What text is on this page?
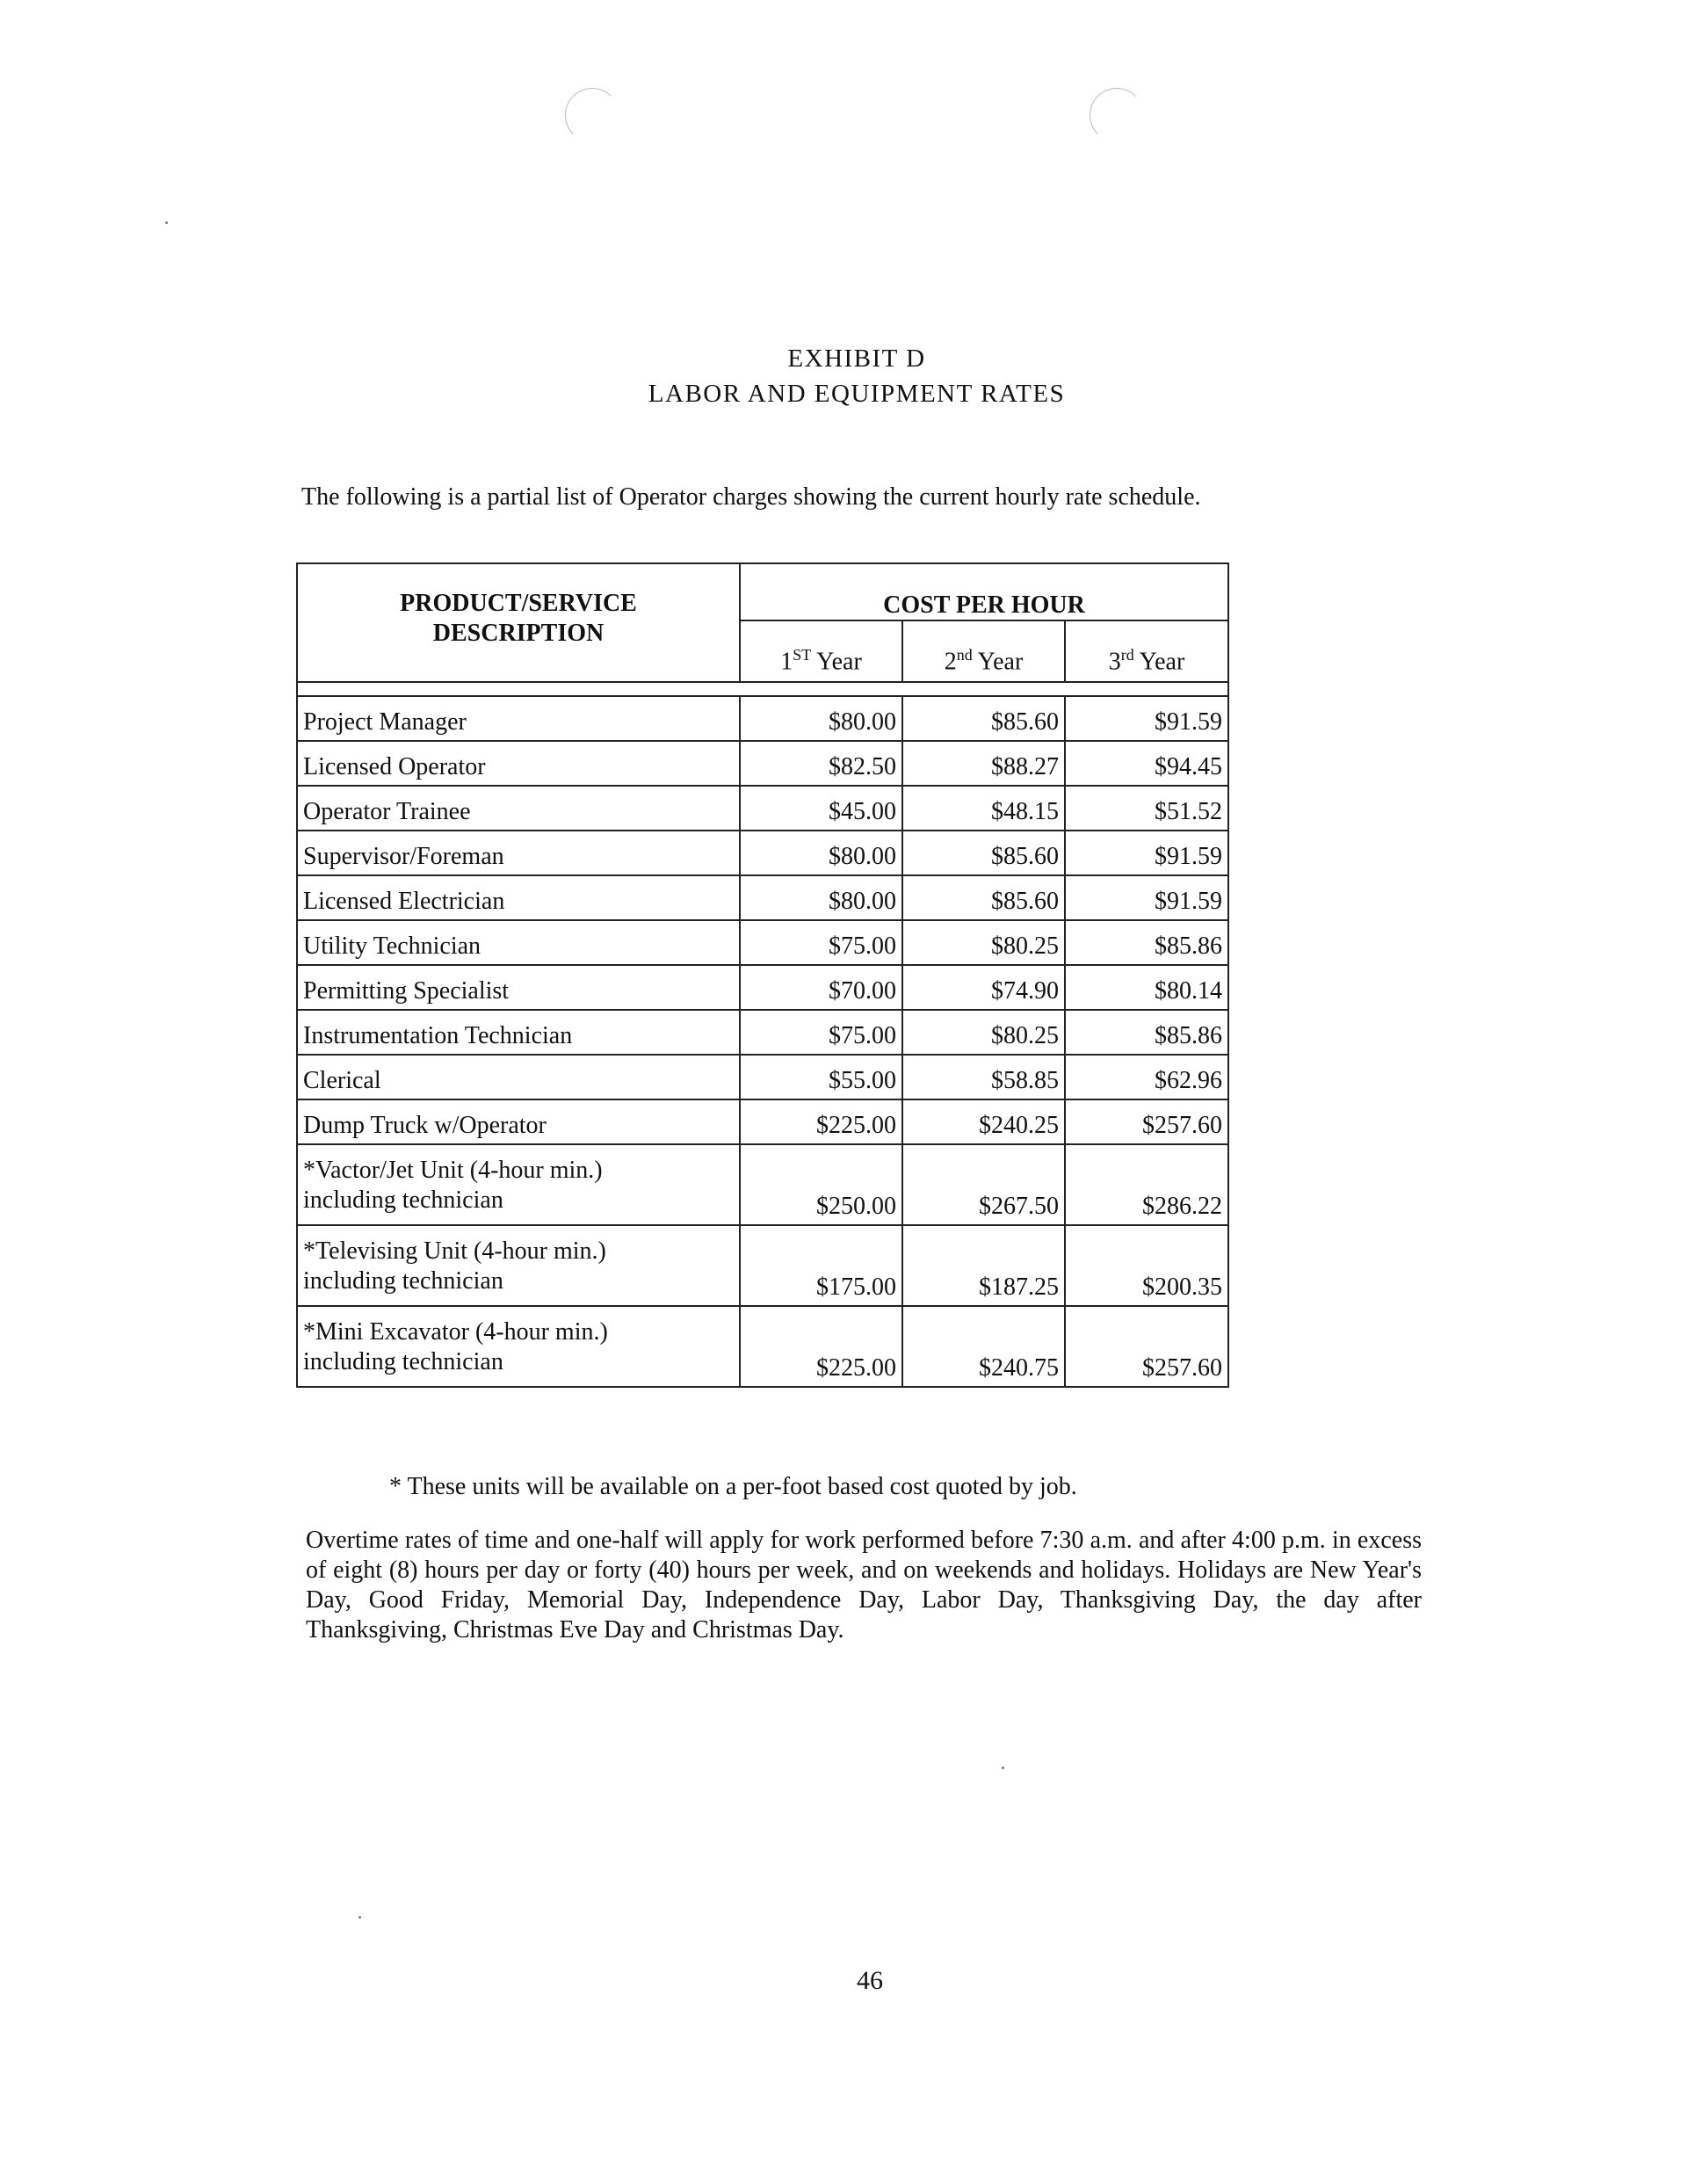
EXHIBIT D
LABOR AND EQUIPMENT RATES
The following is a partial list of Operator charges showing the current hourly rate schedule.
PRODUCT/SERVICE
DESCRIPTION	COST PER HOUR		
	1ST Year	2nd Year	3rd Year

Project Manager	$80.00	$85.60	$91.59
Licensed Operator	$82.50	$88.27	$94.45
Operator Trainee	$45.00	$48.15	$51.52
Supervisor/Foreman	$80.00	$85.60	$91.59
Licensed Electrician	$80.00	$85.60	$91.59
Utility Technician	$75.00	$80.25	$85.86
Permitting Specialist	$70.00	$74.90	$80.14
Instrumentation Technician	$75.00	$80.25	$85.86
Clerical	$55.00	$58.85	$62.96
Dump Truck w/Operator	$225.00	$240.25	$257.60
*Vactor/Jet Unit (4-hour min.)
including technician	$250.00	$267.50	$286.22
*Televising Unit (4-hour min.)
including technician	$175.00	$187.25	$200.35
*Mini Excavator (4-hour min.)
including technician	$225.00	$240.75	$257.60
* These units will be available on a per-foot based cost quoted by job.
Overtime rates of time and one-half will apply for work performed before 7:30 a.m. and after 4:00 p.m. in excess of eight (8) hours per day or forty (40) hours per week, and on weekends and holidays. Holidays are New Year's Day, Good Friday, Memorial Day, Independence Day, Labor Day, Thanksgiving Day, the day after Thanksgiving, Christmas Eve Day and Christmas Day.
46
